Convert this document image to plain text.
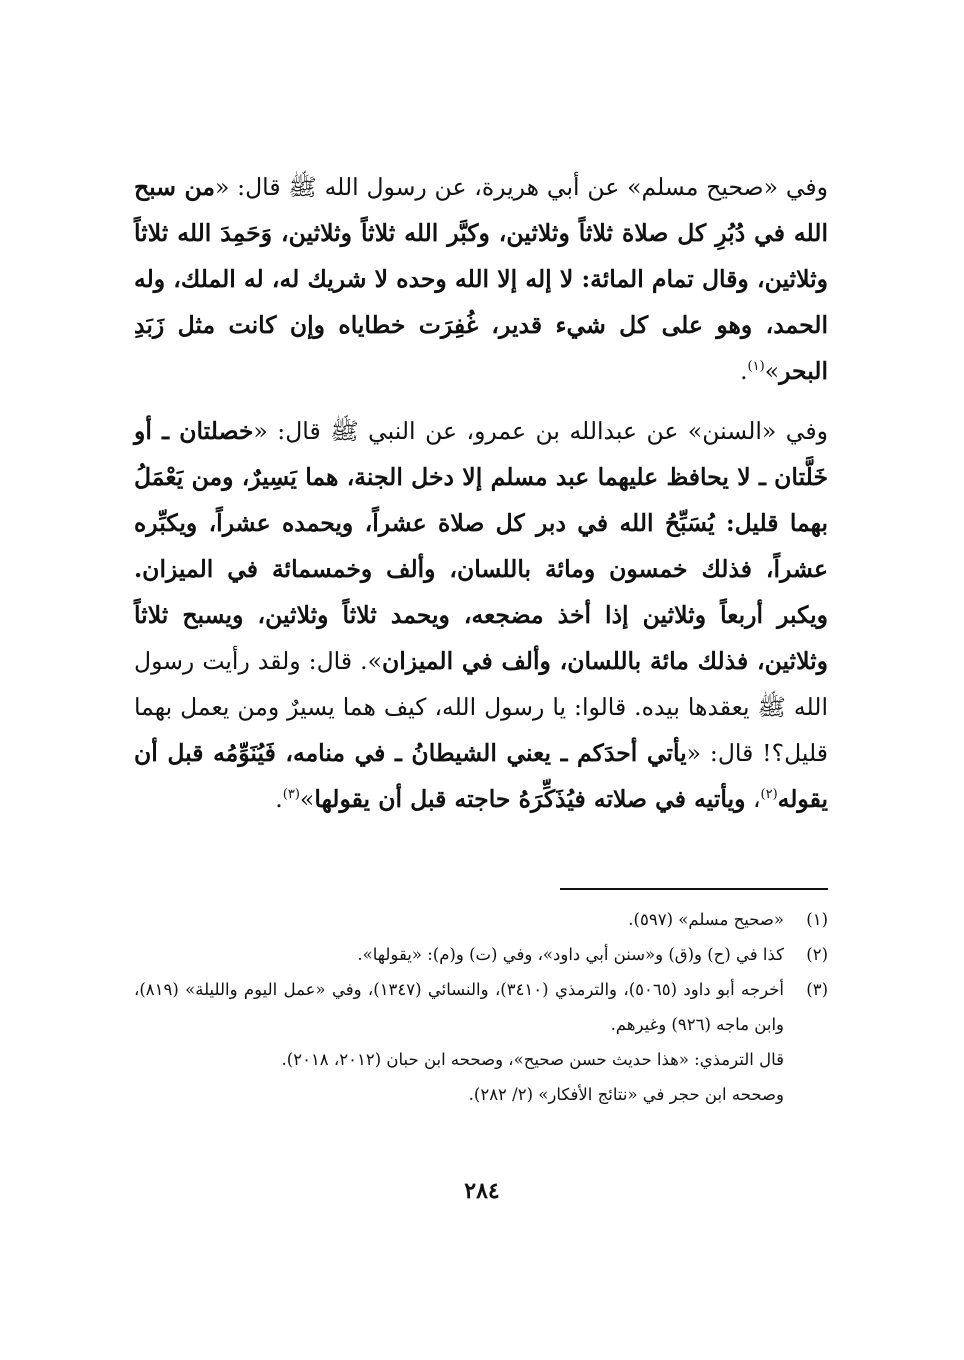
وفي «صحيح مسلم» عن أبي هريرة، عن رسول الله ﷺ قال: «من سبح الله في دُبُرِ كل صلاة ثلاثاً وثلاثين، وكبَّر الله ثلاثاً وثلاثين، وَحَمِدَ الله ثلاثاً وثلاثين، وقال تمام المائة: لا إله إلا الله وحده لا شريك له، له الملك، وله الحمد، وهو على كل شيء قدير، غُفِرَت خطاياه وإن كانت مثل زَبَدِ البحر»$^{(١)}$.

وفي «السنن» عن عبدالله بن عمرو، عن النبي ﷺ قال: «خصلتان ـ أو خَلَّتان ـ لا يحافظ عليهما عبد مسلم إلا دخل الجنة، هما يَسِيرٌ، ومن يَعْمَلُ بهما قليل: يُسَبِّحُ الله في دبر كل صلاة عشراً، ويحمده عشراً، ويكبِّره عشراً، فذلك خمسون ومائة باللسان، وألف وخمسمائة في الميزان. ويكبر أربعاً وثلاثين إذا أخذ مضجعه، ويحمد ثلاثاً وثلاثين، ويسبح ثلاثاً وثلاثين، فذلك مائة باللسان، وألف في الميزان». قال: ولقد رأيت رسول الله ﷺ يعقدها بيده. قالوا: يا رسول الله، كيف هما يسيرٌ ومن يعمل بهما قليل؟! قال: «يأتي أحدَكم ـ يعني الشيطانُ ـ في منامه، فَيُنَوِّمُه قبل أن يقوله$^{(٢)}$، ويأتيه في صلاته فيُذَكِّرَهُ حاجته قبل أن يقولها»$^{(٣)}$.

(١)
«صحيح مسلم» (٥٩٧).
(٢)
كذا في (ح) و(ق) و«سنن أبي داود»، وفي (ت) و(م): «يقولها».
(٣)
أخرجه أبو داود (٥٠٦٥)، والترمذي (٣٤١٠)، والنسائي (١٣٤٧)، وفي «عمل اليوم والليلة» (٨١٩)، وابن ماجه (٩٢٦) وغيرهم.
قال الترمذي: «هذا حديث حسن صحيح»، وصححه ابن حبان (٢٠١٢، ٢٠١٨).
وصححه ابن حجر في «نتائج الأفكار» (٢/ ٢٨٢).
٢٨٤
